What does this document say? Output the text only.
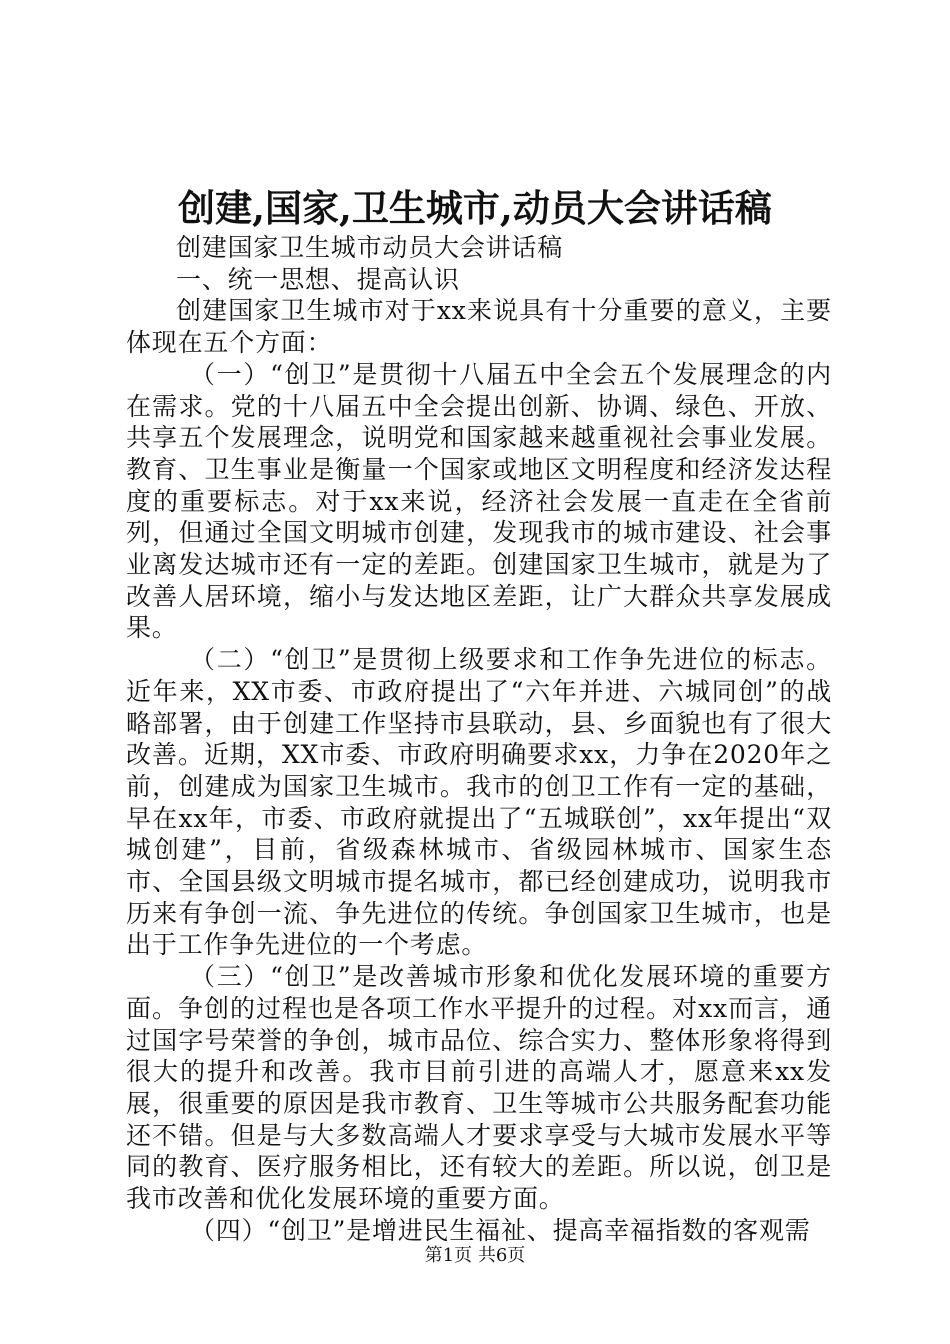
创建,国家,卫生城市,动员大会讲话稿

创建国家卫生城市动员大会讲话稿

一、统一思想、提高认识

创建国家卫生城市对于xx来说具有十分重要的意义，主要体现在五个方面：

（一）“创卫”是贯彻十八届五中全会五个发展理念的内在需求。党的十八届五中全会提出创新、协调、绿色、开放、共享五个发展理念，说明党和国家越来越重视社会事业发展。教育、卫生事业是衡量一个国家或地区文明程度和经济发达程度的重要标志。对于xx来说，经济社会发展一直走在全省前列，但通过全国文明城市创建，发现我市的城市建设、社会事业离发达城市还有一定的差距。创建国家卫生城市，就是为了改善人居环境，缩小与发达地区差距，让广大群众共享发展成果。

（二）“创卫”是贯彻上级要求和工作争先进位的标志。近年来，XX市委、市政府提出了“六年并进、六城同创”的战略部署，由于创建工作坚持市县联动，县、乡面貌也有了很大改善。近期，XX市委、市政府明确要求xx，力争在2020年之前，创建成为国家卫生城市。我市的创卫工作有一定的基础，早在xx年，市委、市政府就提出了“五城联创”，xx年提出“双城创建”，目前，省级森林城市、省级园林城市、国家生态市、全国县级文明城市提名城市，都已经创建成功，说明我市历来有争创一流、争先进位的传统。争创国家卫生城市，也是出于工作争先进位的一个考虑。

（三）“创卫”是改善城市形象和优化发展环境的重要方面。争创的过程也是各项工作水平提升的过程。对xx而言，通过国字号荣誉的争创，城市品位、综合实力、整体形象将得到很大的提升和改善。我市目前引进的高端人才，愿意来xx发展，很重要的原因是我市教育、卫生等城市公共服务配套功能还不错。但是与大多数高端人才要求享受与大城市发展水平等同的教育、医疗服务相比，还有较大的差距。所以说，创卫是我市改善和优化发展环境的重要方面。

（四）“创卫”是增进民生福祉、提高幸福指数的客观需

第1页 共6页
